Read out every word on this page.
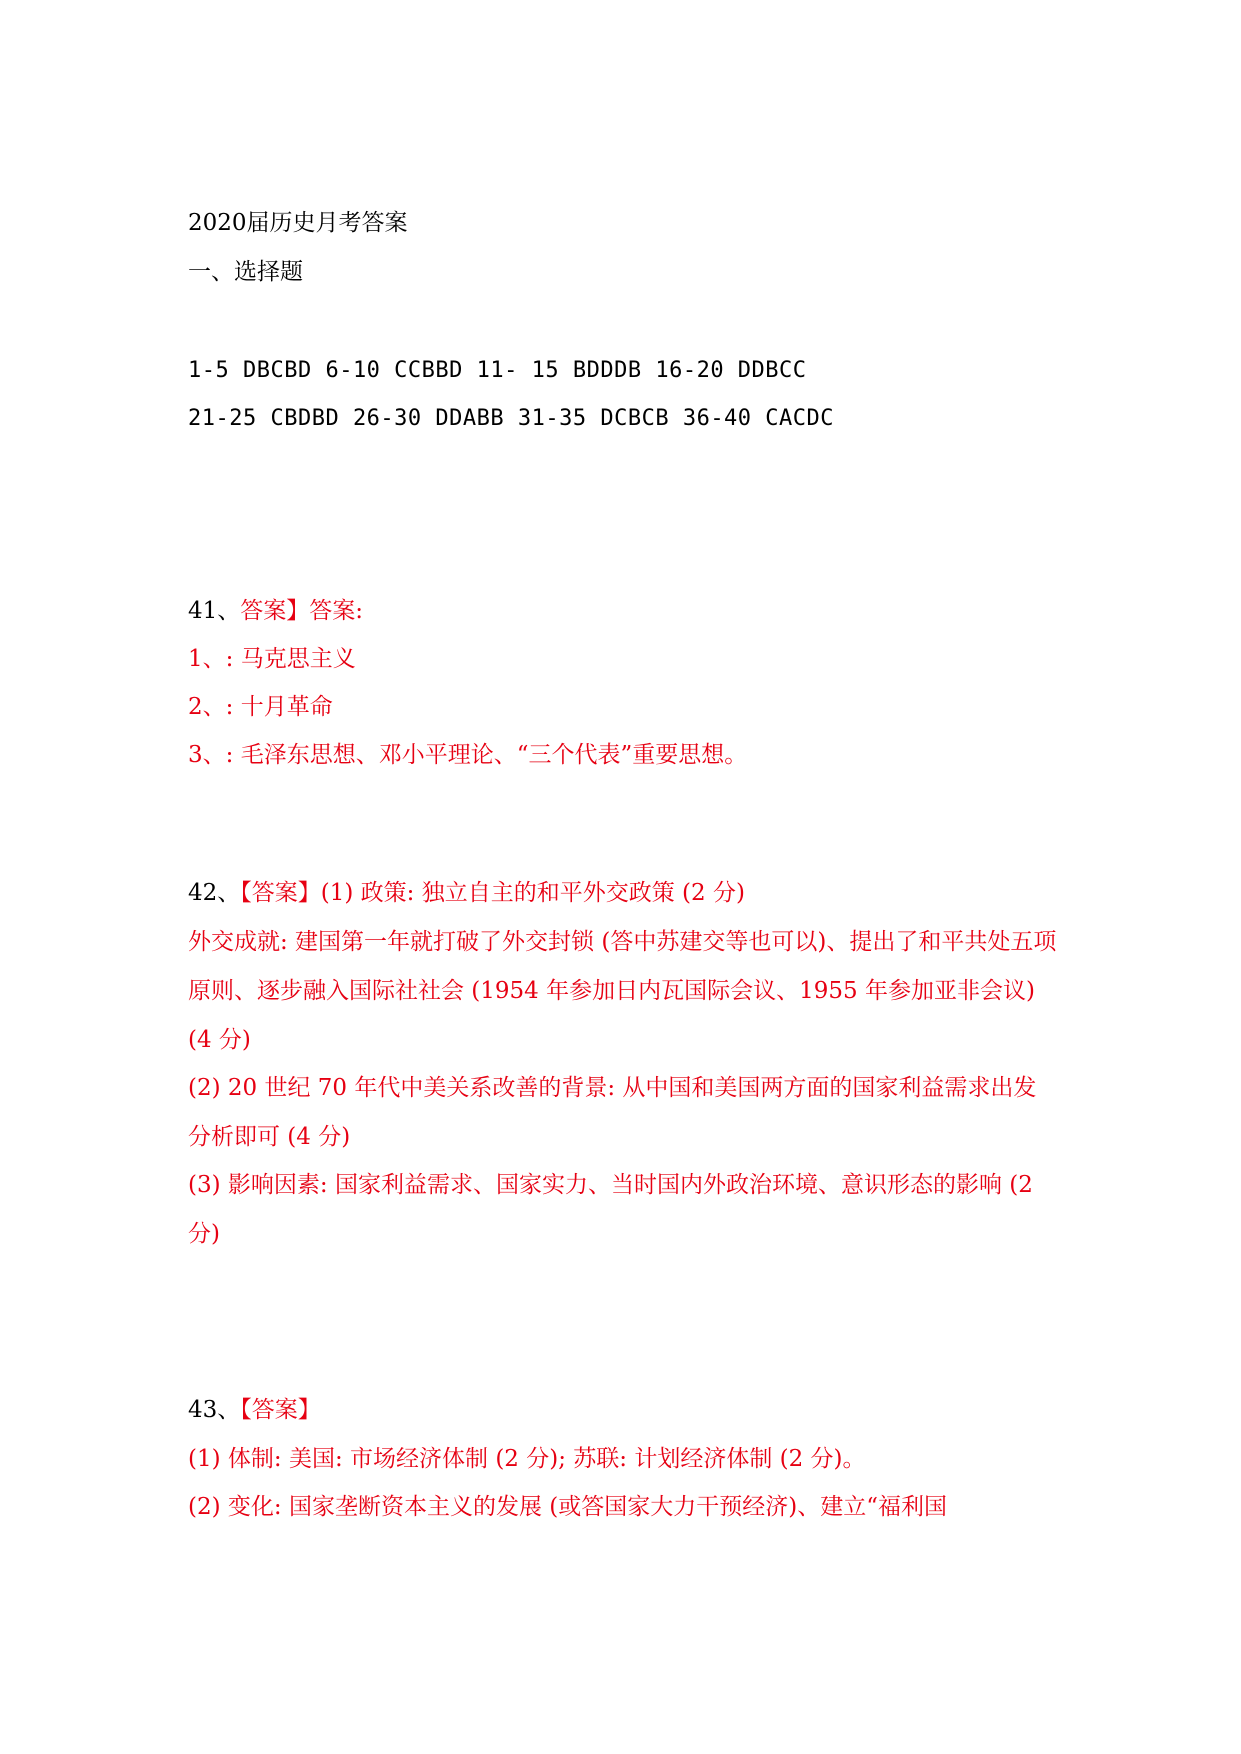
2020届历史月考答案
一、选择题
1-5 DBCBD 6-10 CCBBD 11- 15 BDDDB 16-20 DDBCC
21-25 CBDBD 26-30 DDABB 31-35 DCBCB 36-40 CACDC
41、答案】答案:
1、: 马克思主义
2、: 十月革命
3、: 毛泽东思想、邓小平理论、“三个代表”重要思想。
42、【答案】(1) 政策: 独立自主的和平外交政策 (2 分)
外交成就: 建国第一年就打破了外交封锁 (答中苏建交等也可以)、提出了和平共处五项原则、逐步融入国际社社会 (1954 年参加日内瓦国际会议、1955 年参加亚非会议) (4 分)
(2) 20 世纪 70 年代中美关系改善的背景: 从中国和美国两方面的国家利益需求出发分析即可 (4 分)
(3) 影响因素: 国家利益需求、国家实力、当时国内外政治环境、意识形态的影响 (2 分)
43、【答案】
(1) 体制: 美国: 市场经济体制 (2 分); 苏联: 计划经济体制 (2 分)。
(2) 变化: 国家垄断资本主义的发展 (或答国家大力干预经济)、建立“福利国
